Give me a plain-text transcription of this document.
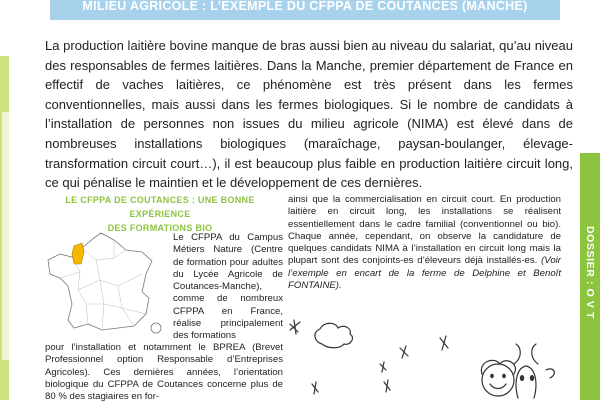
MILIEU AGRICOLE : L’EXEMPLE DU CFPPA DE COUTANCES (MANCHE)
DOSSIER : O V T

La production laitière bovine manque de bras aussi bien au niveau du salariat, qu’au niveau des responsables de fermes laitières. Dans la Manche, premier département de France en effectif de vaches laitières, ce phénomène est très présent dans les fermes conventionnelles, mais aussi dans les fermes biologiques. Si le nombre de candidats à l’installation de personnes non issues du milieu agricole (NIMA) est élevé dans de nombreuses installations biologiques (maraîchage, paysan-boulanger, élevage-transformation circuit court…), il est beaucoup plus faible en production laitière circuit long, ce qui pénalise le maintien et le développement de ces dernières.

LE CFPPA DE COUTANCES : UNE BONNE EXPÉRIENCE
DES FORMATIONS BIO

Le CFPPA du Campus Métiers Nature (Centre de formation pour adultes du Lycée Agricole de Coutances-Manche), comme de nombreux CFPPA en France, réalise principalement des formations

pour l’installation et notamment le BPREA (Brevet Professionnel option Responsable d’Entreprises Agricoles). Ces dernières années, l’orientation biologique du CFPPA de Coutances concerne plus de 80 % des stagiaires en for-

ainsi que la commercialisation en circuit court. En production laitière en circuit long, les installations se réalisent essentiellement dans le cadre familial (conventionnel ou bio). Chaque année, cependant, on observe la candidature de quelques candidats NIMA à l’installation en circuit long mais la plupart sont des conjoints-es d’éleveurs déjà installés-es. (Voir l’exemple en encart de la ferme de Delphine et Benoît FONTAINE).
